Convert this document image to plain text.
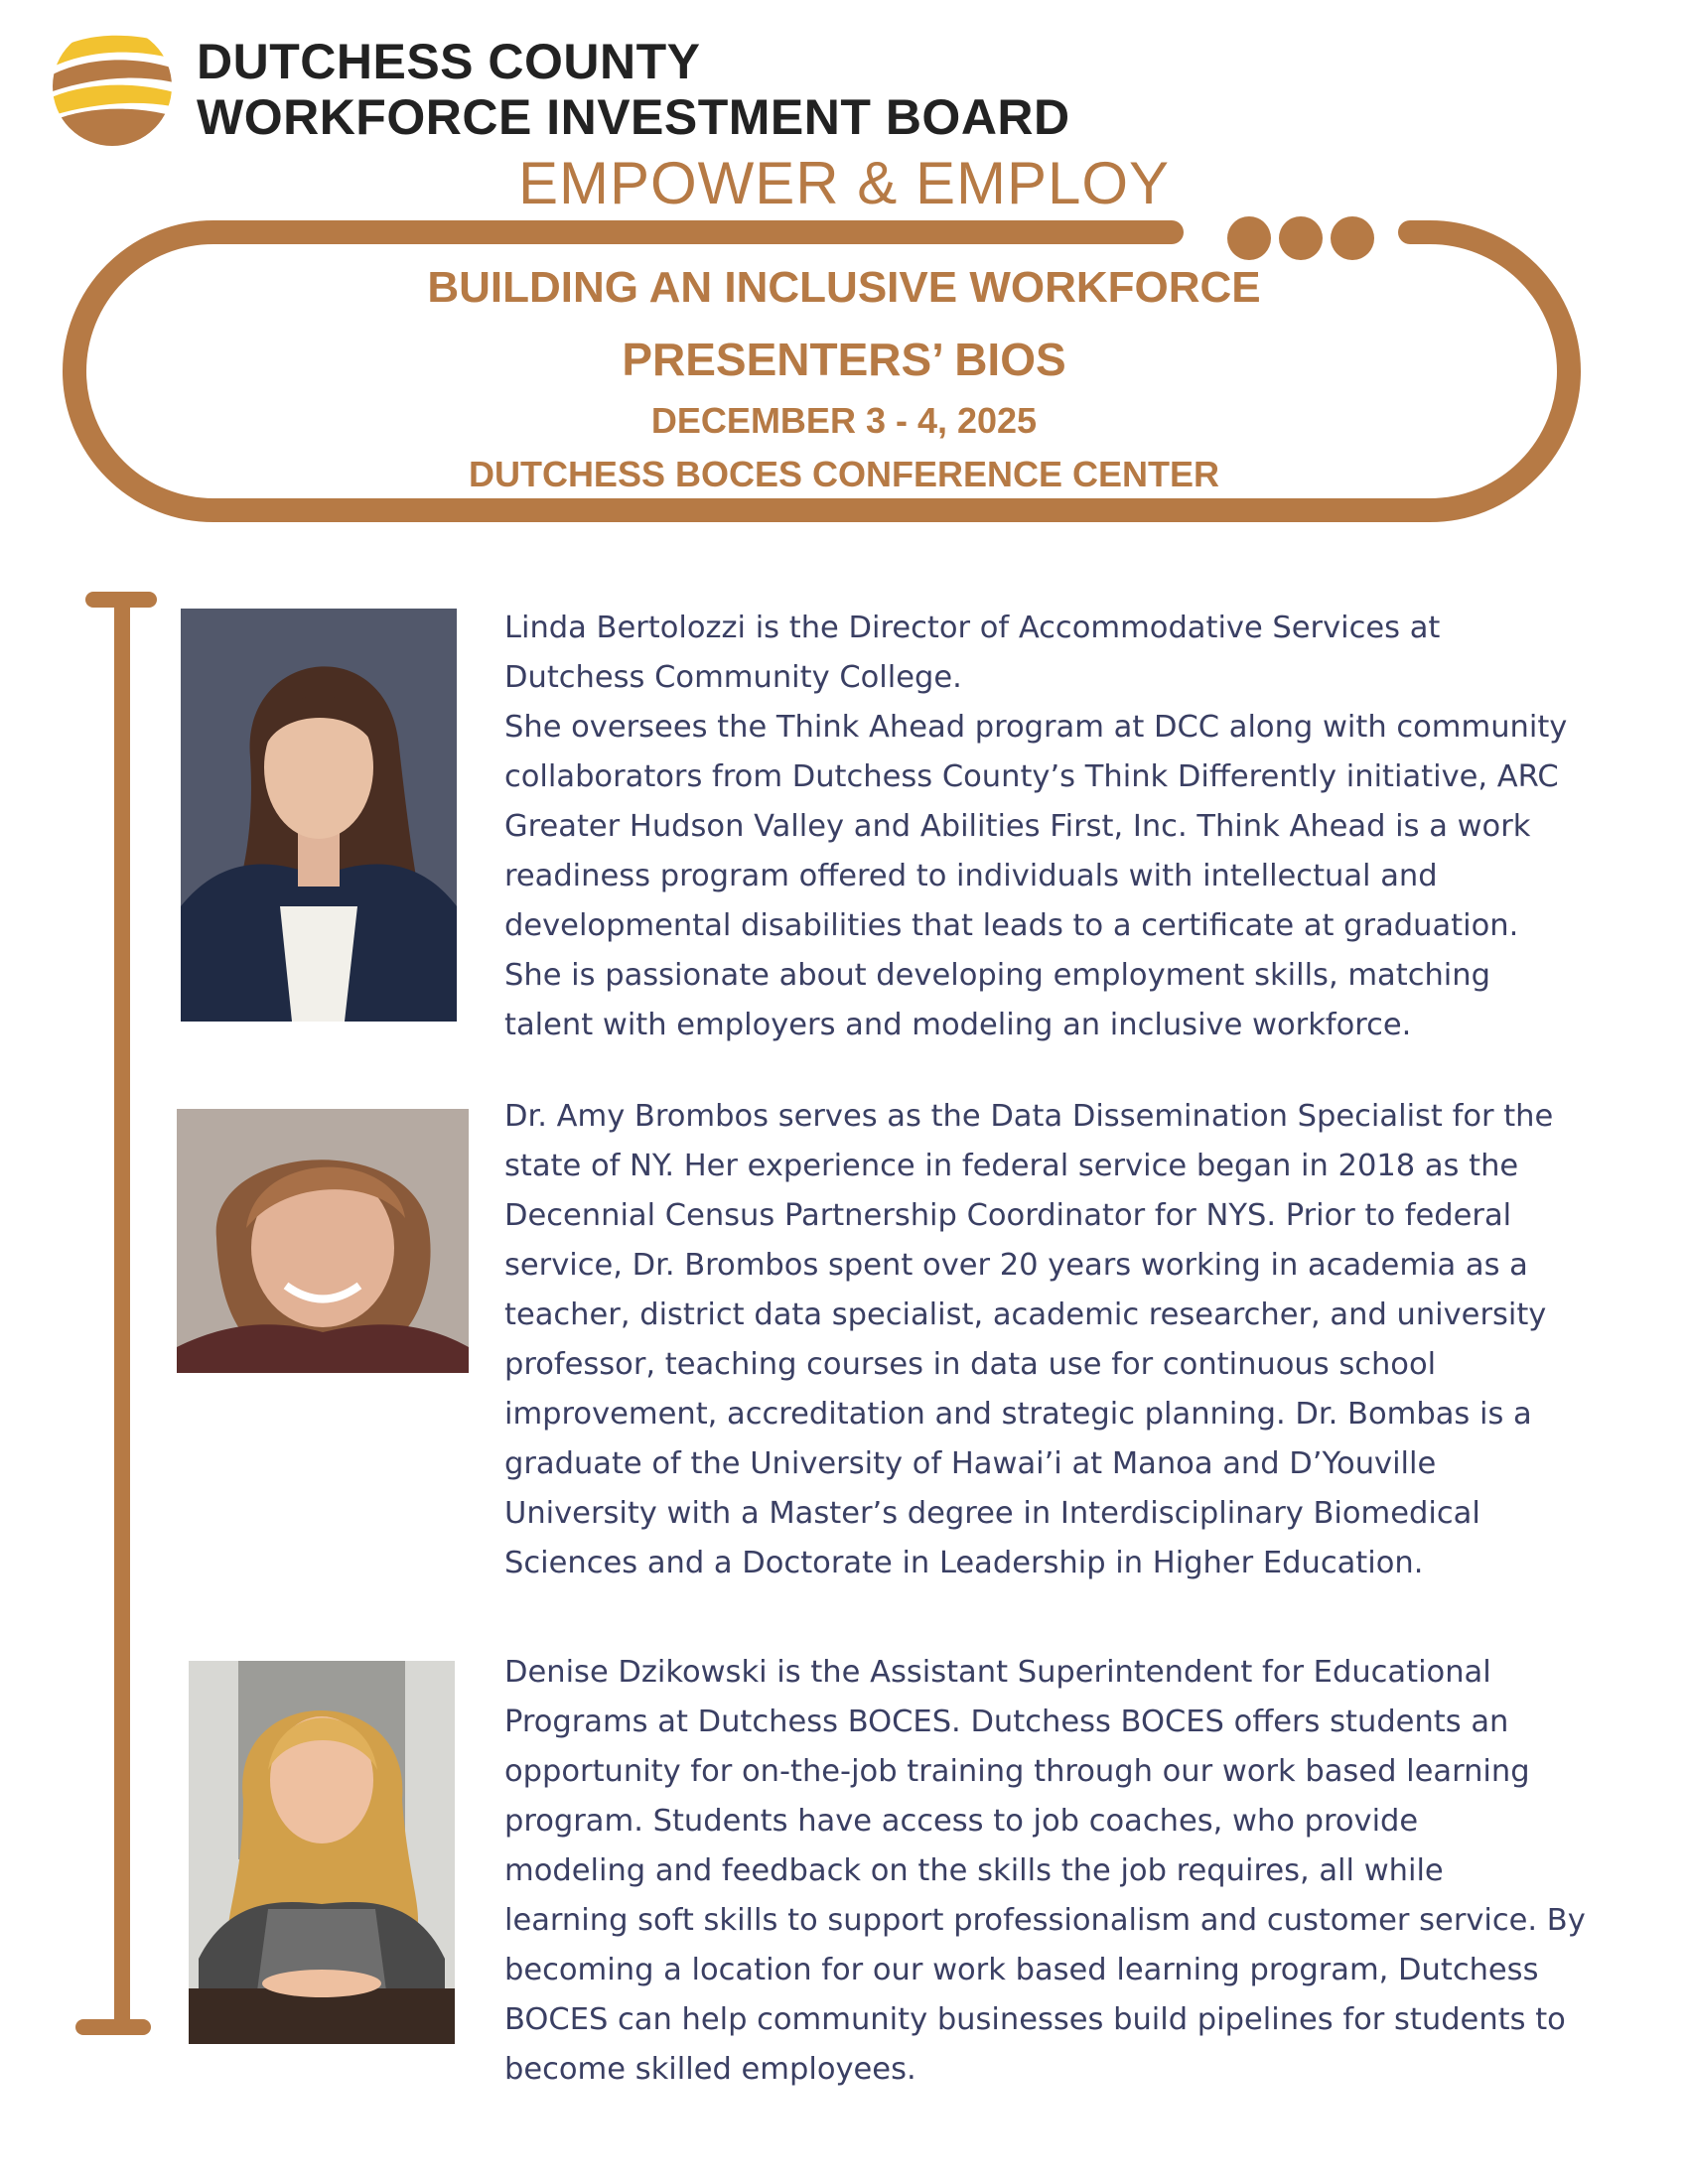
DUTCHESS COUNTY
WORKFORCE INVESTMENT BOARD
EMPOWER & EMPLOY
BUILDING AN INCLUSIVE WORKFORCE
PRESENTERS’ BIOS
DECEMBER 3 - 4, 2025
DUTCHESS BOCES CONFERENCE CENTER
Linda Bertolozzi is the Director of Accommodative Services at
Dutchess Community College.
She oversees the Think Ahead program at DCC along with community
collaborators from Dutchess County’s Think Differently initiative, ARC
Greater Hudson Valley and Abilities First, Inc. Think Ahead is a work
readiness program offered to individuals with intellectual and
developmental disabilities that leads to a certificate at graduation.
She is passionate about developing employment skills, matching
talent with employers and modeling an inclusive workforce.
Dr. Amy Brombos serves as the Data Dissemination Specialist for the
state of NY. Her experience in federal service began in 2018 as the
Decennial Census Partnership Coordinator for NYS. Prior to federal
service, Dr. Brombos spent over 20 years working in academia as a
teacher, district data specialist, academic researcher, and university
professor, teaching courses in data use for continuous school
improvement, accreditation and strategic planning. Dr. Bombas is a
graduate of the University of Hawai’i at Manoa and D’Youville
University with a Master’s degree in Interdisciplinary Biomedical
Sciences and a Doctorate in Leadership in Higher Education.
Denise Dzikowski is the Assistant Superintendent for Educational
Programs at Dutchess BOCES. Dutchess BOCES offers students an
opportunity for on-the-job training through our work based learning
program. Students have access to job coaches, who provide
modeling and feedback on the skills the job requires, all while
learning soft skills to support professionalism and customer service. By
becoming a location for our work based learning program, Dutchess
BOCES can help community businesses build pipelines for students to
become skilled employees.
